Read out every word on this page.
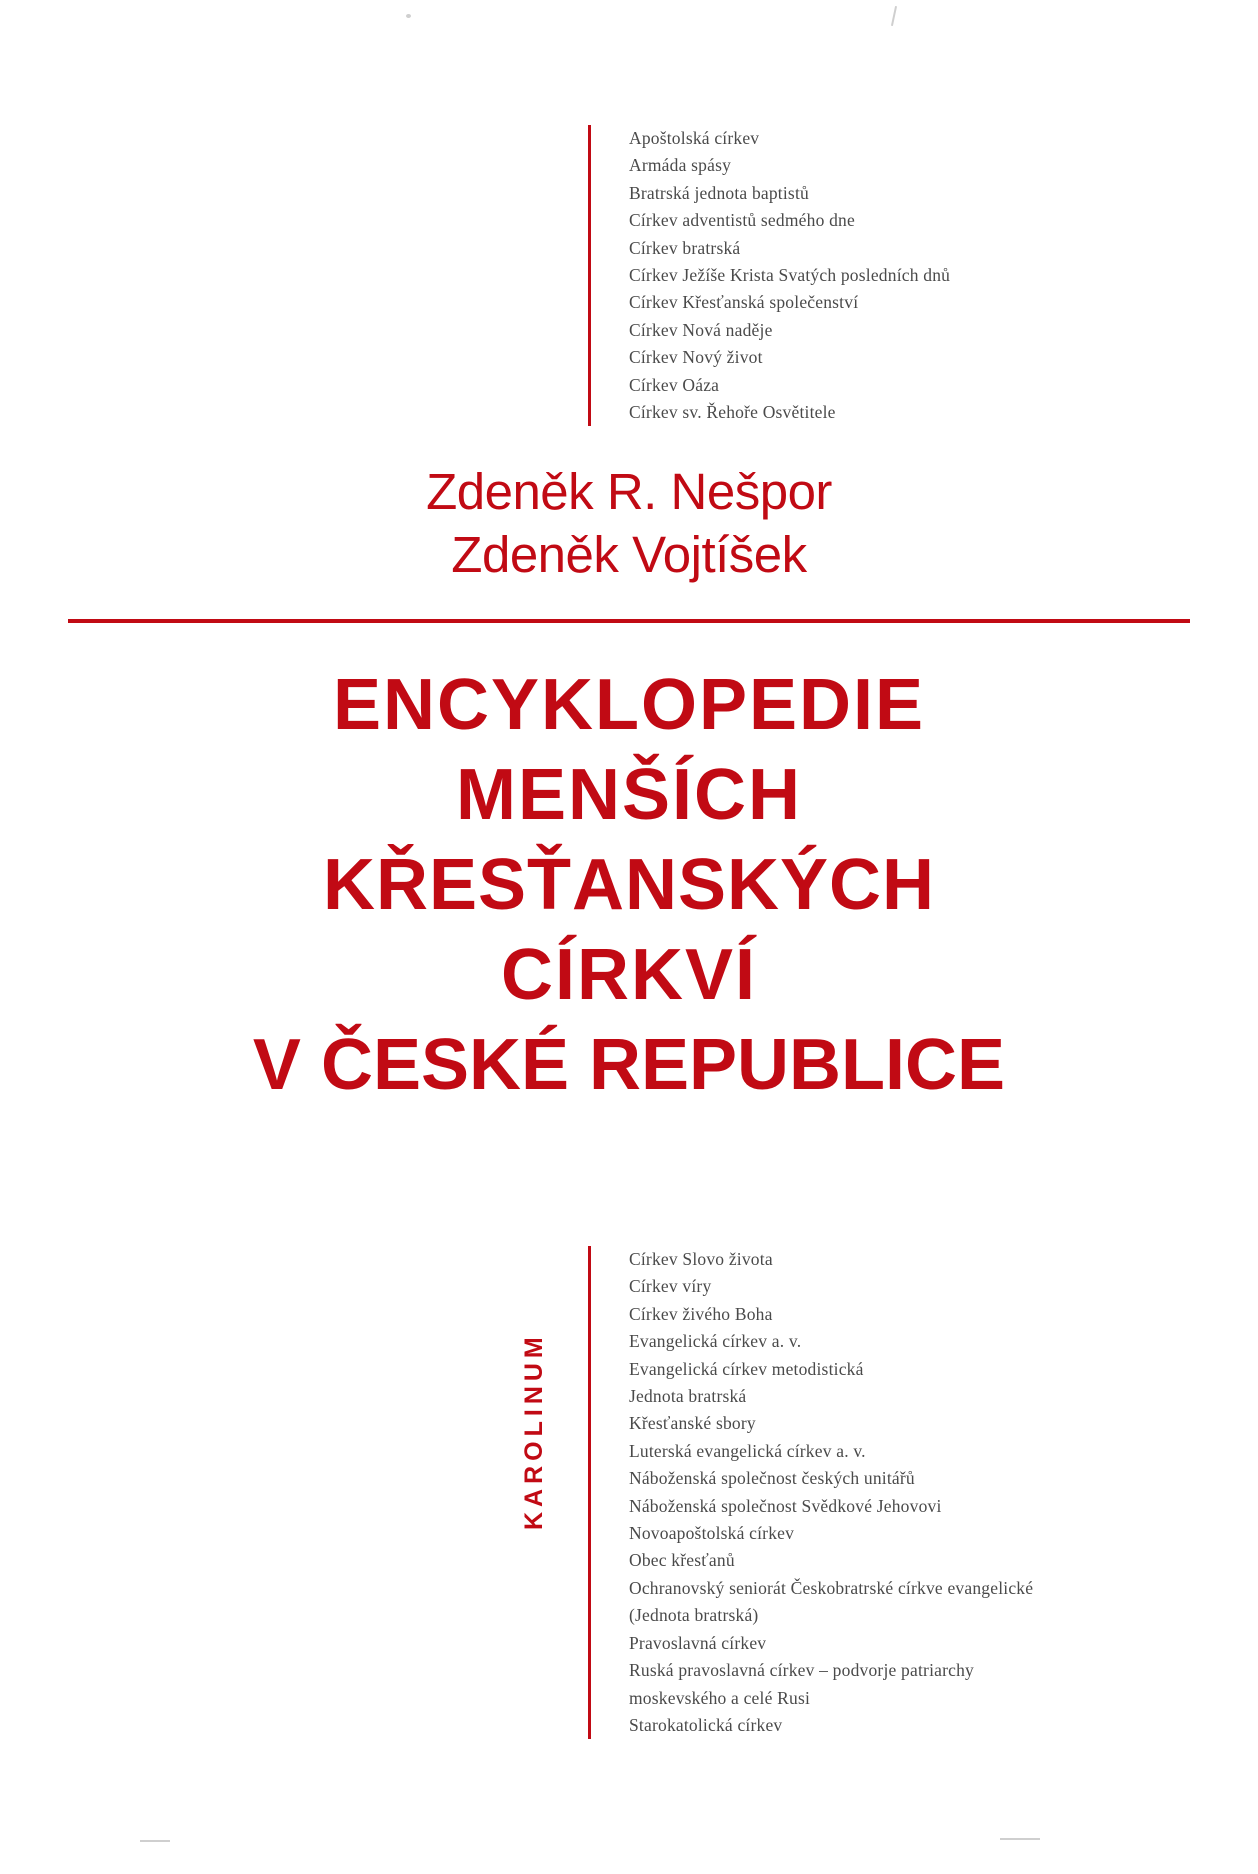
Apoštolská církev
Armáda spásy
Bratrská jednota baptistů
Církev adventistů sedmého dne
Církev bratrská
Církev Ježíše Krista Svatých posledních dnů
Církev Křesťanská společenství
Církev Nová naděje
Církev Nový život
Církev Oáza
Církev sv. Řehoře Osvětitele
Zdeněk R. Nešpor
Zdeněk Vojtíšek
ENCYKLOPEDIE
MENŠÍCH
KŘESŤANSKÝCH
CÍRKVÍ
V ČESKÉ REPUBLICE
Církev Slovo života
Církev víry
Církev živého Boha
Evangelická církev a. v.
Evangelická církev metodistická
Jednota bratrská
Křesťanské sbory
Luterská evangelická církev a. v.
Náboženská společnost českých unitářů
Náboženská společnost Svědkové Jehovovi
Novoapoštolská církev
Obec křesťanů
Ochranovský seniorát Českobratrské církve evangelické
(Jednota bratrská)
Pravoslavná církev
Ruská pravoslavná církev – podvorje patriarchy
moskevského a celé Rusi
Starokatolická církev
KAROLINUM
